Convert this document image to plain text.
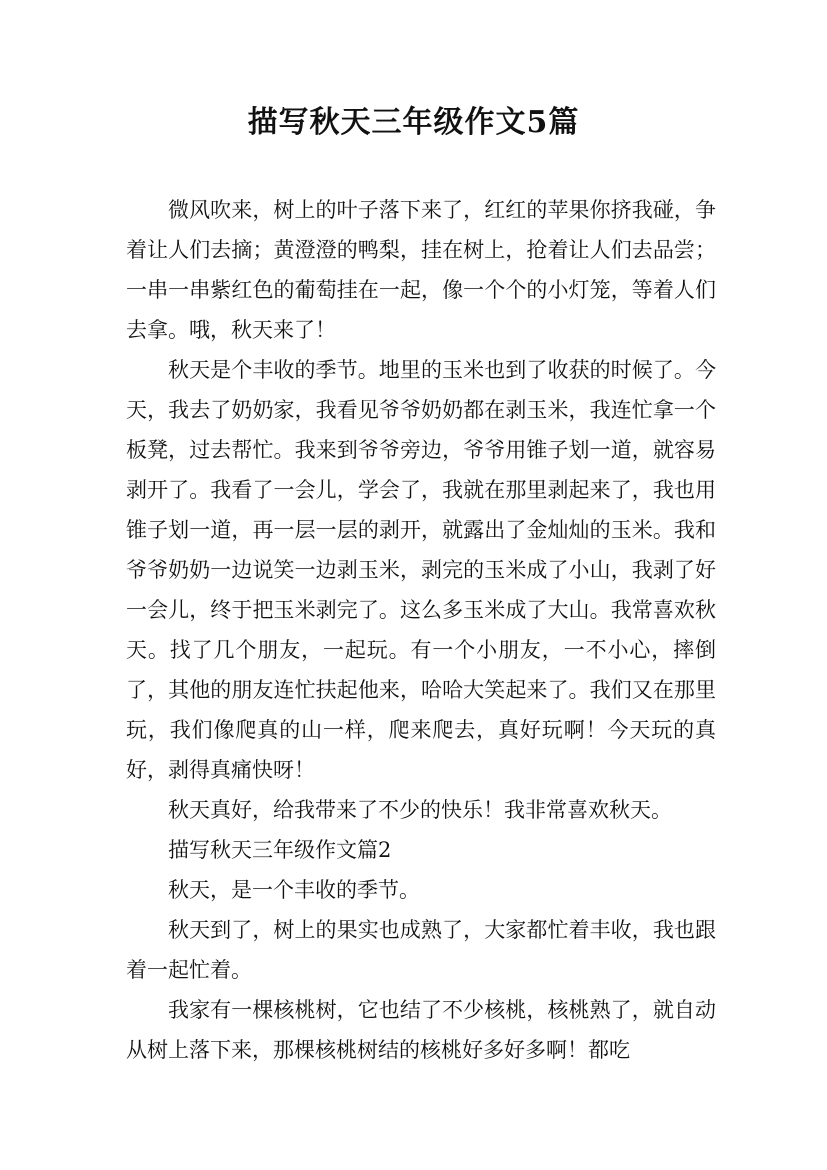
描写秋天三年级作文5篇

微风吹来，树上的叶子落下来了，红红的苹果你挤我碰，争着让人们去摘；黄澄澄的鸭梨，挂在树上，抢着让人们去品尝；一串一串紫红色的葡萄挂在一起，像一个个的小灯笼，等着人们去拿。哦，秋天来了！

秋天是个丰收的季节。地里的玉米也到了收获的时候了。今天，我去了奶奶家，我看见爷爷奶奶都在剥玉米，我连忙拿一个板凳，过去帮忙。我来到爷爷旁边，爷爷用锥子划一道，就容易剥开了。我看了一会儿，学会了，我就在那里剥起来了，我也用锥子划一道，再一层一层的剥开，就露出了金灿灿的玉米。我和爷爷奶奶一边说笑一边剥玉米，剥完的玉米成了小山，我剥了好一会儿，终于把玉米剥完了。这么多玉米成了大山。我常喜欢秋天。找了几个朋友，一起玩。有一个小朋友，一不小心，摔倒了，其他的朋友连忙扶起他来，哈哈大笑起来了。我们又在那里玩，我们像爬真的山一样，爬来爬去，真好玩啊！今天玩的真好，剥得真痛快呀！

秋天真好，给我带来了不少的快乐！我非常喜欢秋天。

描写秋天三年级作文篇2

秋天，是一个丰收的季节。

秋天到了，树上的果实也成熟了，大家都忙着丰收，我也跟着一起忙着。

我家有一棵核桃树，它也结了不少核桃，核桃熟了，就自动从树上落下来，那棵核桃树结的核桃好多好多啊！都吃
